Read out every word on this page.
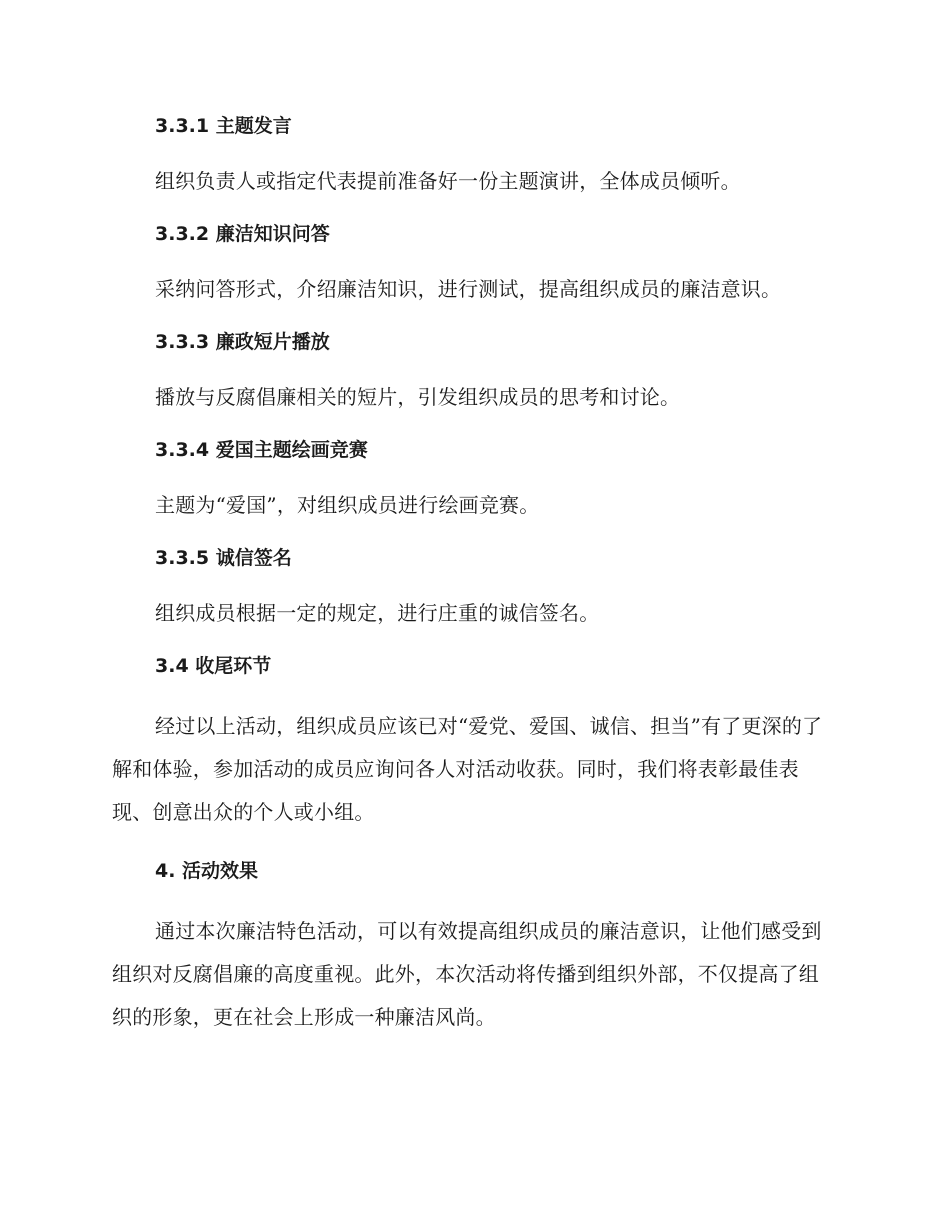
3.3.1 主题发言

组织负责人或指定代表提前准备好一份主题演讲，全体成员倾听。

3.3.2 廉洁知识问答

采纳问答形式，介绍廉洁知识，进行测试，提高组织成员的廉洁意识。

3.3.3 廉政短片播放

播放与反腐倡廉相关的短片，引发组织成员的思考和讨论。

3.3.4 爱国主题绘画竞赛

主题为“爱国”，对组织成员进行绘画竞赛。

3.3.5 诚信签名

组织成员根据一定的规定，进行庄重的诚信签名。

3.4 收尾环节

经过以上活动，组织成员应该已对“爱党、爱国、诚信、担当”有了更深的了解和体验，参加活动的成员应询问各人对活动收获。同时，我们将表彰最佳表现、创意出众的个人或小组。

4. 活动效果

通过本次廉洁特色活动，可以有效提高组织成员的廉洁意识，让他们感受到组织对反腐倡廉的高度重视。此外，本次活动将传播到组织外部，不仅提高了组织的形象，更在社会上形成一种廉洁风尚。
